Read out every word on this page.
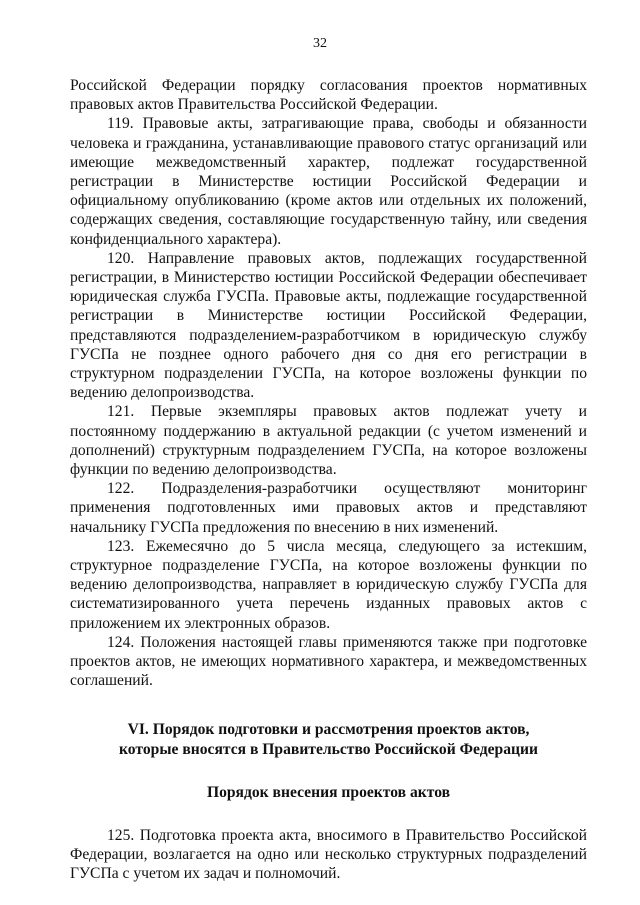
32

Российской Федерации порядку согласования проектов нормативных правовых актов Правительства Российской Федерации.

119. Правовые акты, затрагивающие права, свободы и обязанности человека и гражданина, устанавливающие правового статус организаций или имеющие межведомственный характер, подлежат государственной регистрации в Министерстве юстиции Российской Федерации и официальному опубликованию (кроме актов или отдельных их положений, содержащих сведения, составляющие государственную тайну, или сведения конфиденциального характера).

120. Направление правовых актов, подлежащих государственной регистрации, в Министерство юстиции Российской Федерации обеспечивает юридическая служба ГУСПа. Правовые акты, подлежащие государственной регистрации в Министерстве юстиции Российской Федерации, представляются подразделением-разработчиком в юридическую службу ГУСПа не позднее одного рабочего дня со дня его регистрации в структурном подразделении ГУСПа, на которое возложены функции по ведению делопроизводства.

121. Первые экземпляры правовых актов подлежат учету и постоянному поддержанию в актуальной редакции (с учетом изменений и дополнений) структурным подразделением ГУСПа, на которое возложены функции по ведению делопроизводства.

122. Подразделения-разработчики осуществляют мониторинг применения подготовленных ими правовых актов и представляют начальнику ГУСПа предложения по внесению в них изменений.

123. Ежемесячно до 5 числа месяца, следующего за истекшим, структурное подразделение ГУСПа, на которое возложены функции по ведению делопроизводства, направляет в юридическую службу ГУСПа для систематизированного учета перечень изданных правовых актов с приложением их электронных образов.

124. Положения настоящей главы применяются также при подготовке проектов актов, не имеющих нормативного характера, и межведомственных соглашений.

VI. Порядок подготовки и рассмотрения проектов актов,
которые вносятся в Правительство Российской Федерации
Порядок внесения проектов актов

125. Подготовка проекта акта, вносимого в Правительство Российской Федерации, возлагается на одно или несколько структурных подразделений ГУСПа с учетом их задач и полномочий.
